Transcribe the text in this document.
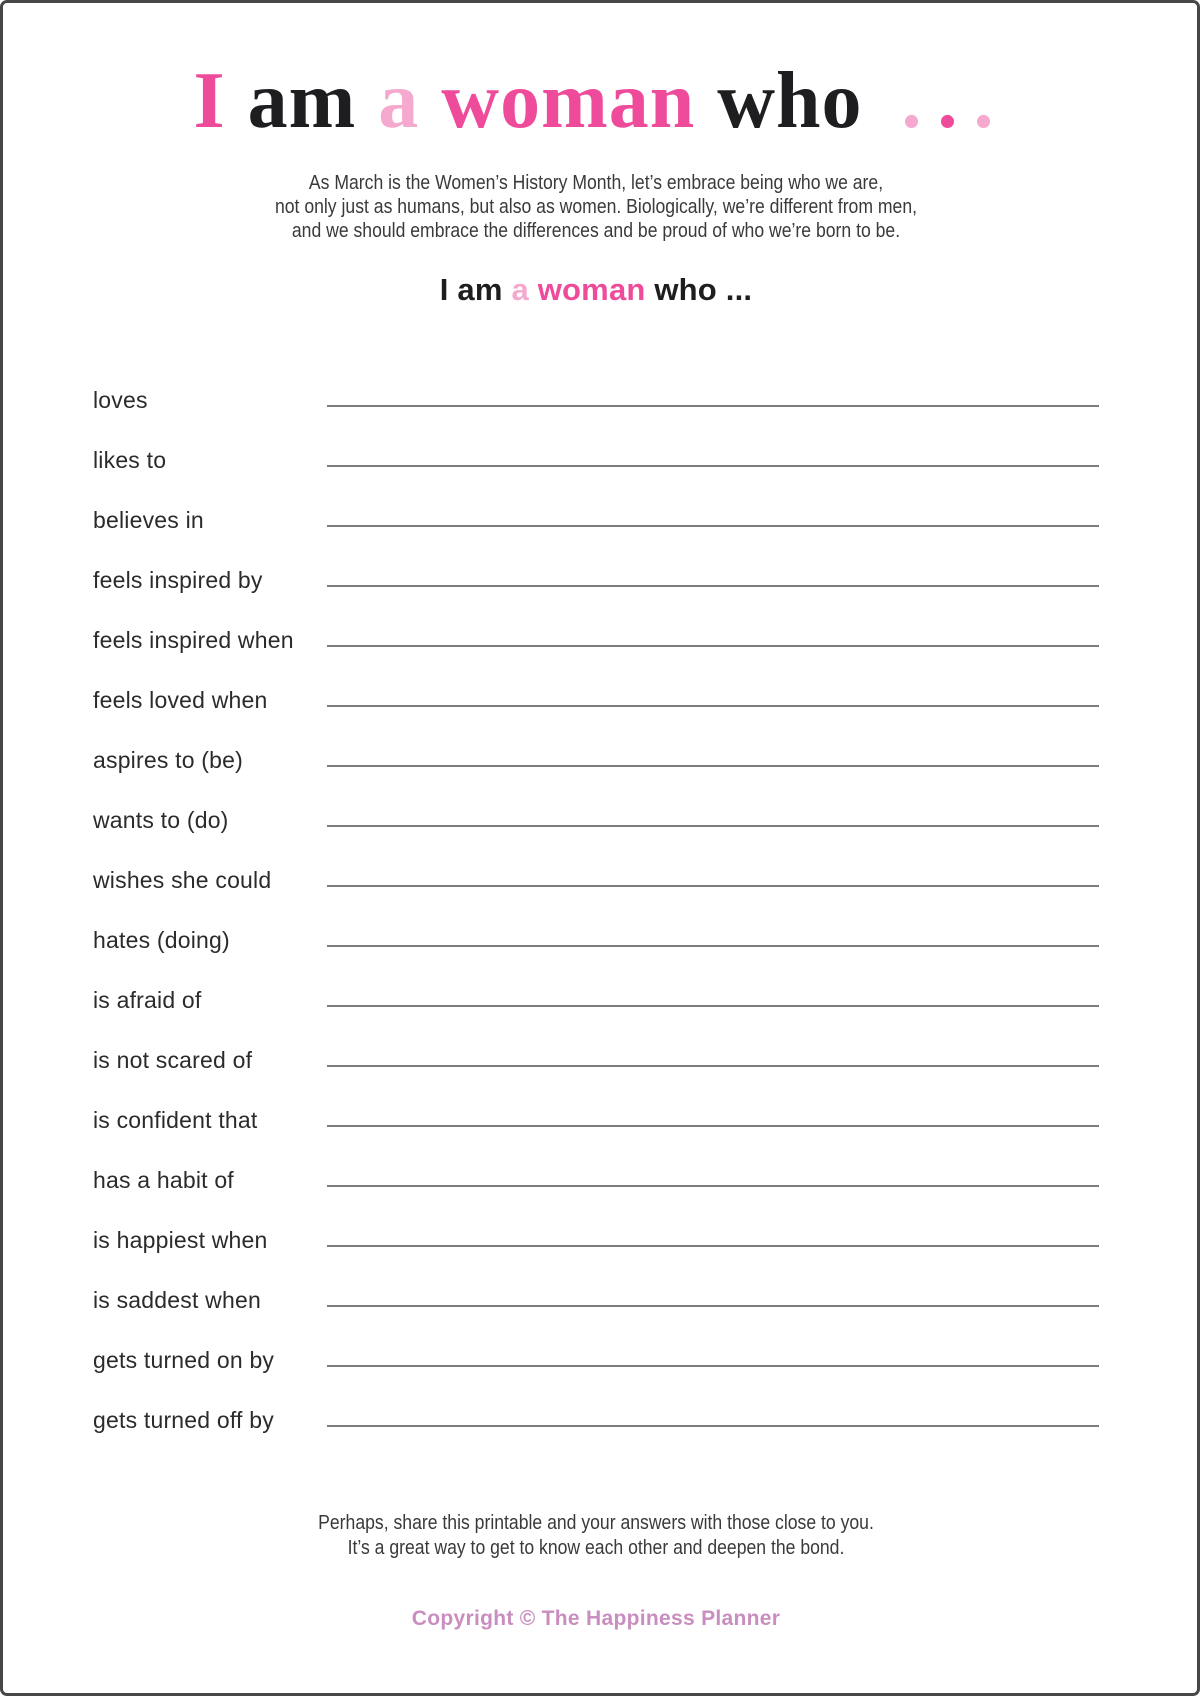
I am a woman who ...
As March is the Women’s History Month, let’s embrace being who we are,
not only just as humans, but also as women. Biologically, we’re different from men,
and we should embrace the differences and be proud of who we’re born to be.
I am a woman who ...
loves
likes to
believes in
feels inspired by
feels inspired when
feels loved when
aspires to (be)
wants to (do)
wishes she could
hates (doing)
is afraid of
is not scared of
is confident that
has a habit of
is happiest when
is saddest when
gets turned on by
gets turned off by
Perhaps, share this printable and your answers with those close to you.
It’s a great way to get to know each other and deepen the bond.
Copyright © The Happiness Planner
